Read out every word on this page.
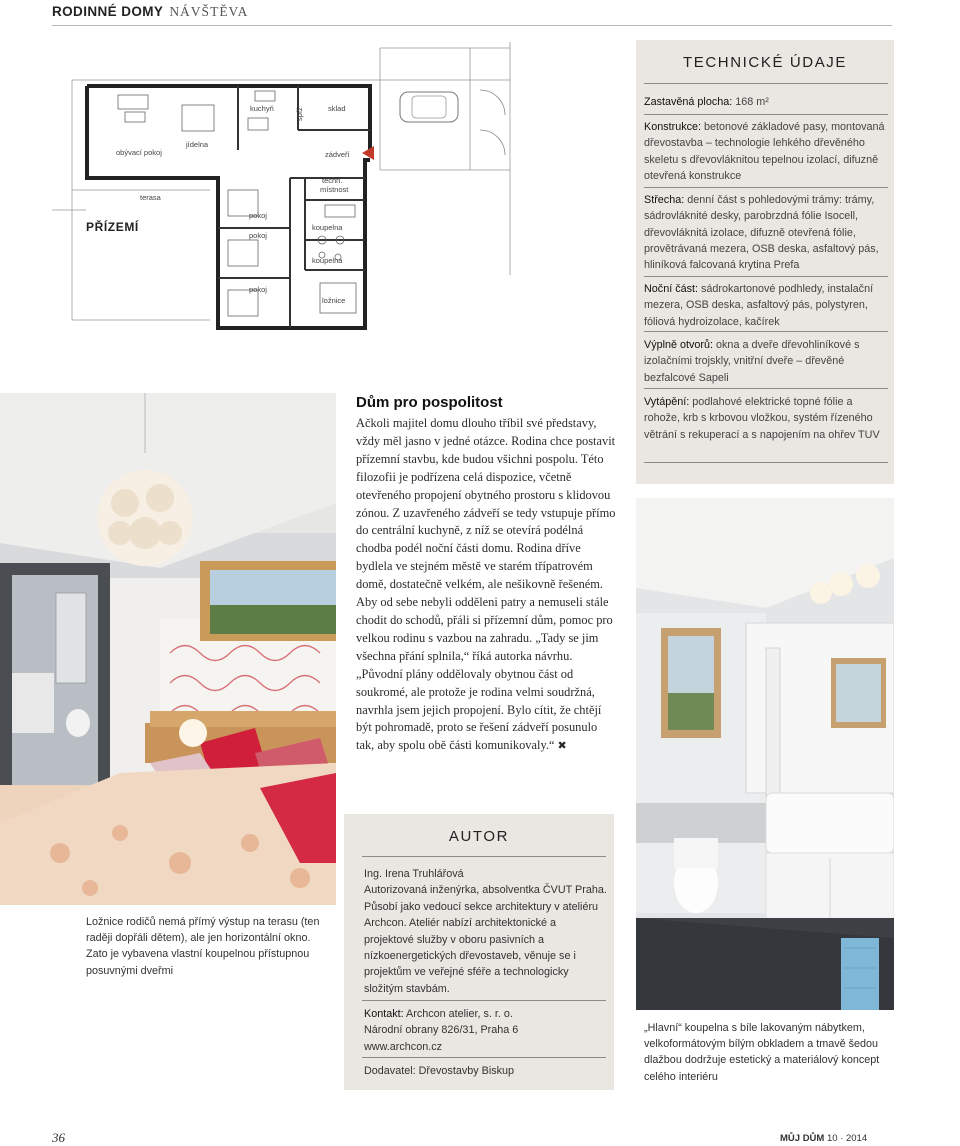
RODINNÉ DOMY NÁVŠTĚVA
kuchyň	sklad
obývací pokoj
jídelna
zádveří
techn.
místnost
terasa
pokoj
pokoj
pokoj
koupelna
koupelna
ložnice
spíž
PŘÍZEMÍ
TECHNICKÉ ÚDAJE
Zastavěná plocha: 168 m²
Konstrukce: betonové základové pasy, montovaná dřevostavba – technologie lehkého dřevěného skeletu s dřevovláknitou tepelnou izolací, difuzně otevřená konstrukce
Střecha: denní část s pohledovými trámy: trámy, sádrovláknité desky, parobrzdná fólie Isocell, dřevovláknitá izolace, difuzně otevřená fólie, provětrávaná mezera, OSB deska, asfaltový pás, hliníková falcovaná krytina Prefa
Noční část: sádrokartonové podhledy, instalační mezera, OSB deska, asfaltový pás, polystyren, fóliová hydroizolace, kačírek
Výplně otvorů: okna a dveře dřevohliníkové s izolačními trojskly, vnitřní dveře – dřevěné bezfalcové Sapeli
Vytápění: podlahové elektrické topné fólie a rohože, krb s krbovou vložkou, systém řízeného větrání s rekuperací a s napojením na ohřev TUV
Dům pro pospolitost

Ačkoli majitel domu dlouho tříbil své představy, vždy měl jasno v jedné otázce. Rodina chce postavit přízemní stavbu, kde budou všichni pospolu. Této filozofii je podřízena celá dispozice, včetně otevřeného propojení obytného prostoru s klidovou zónou. Z uzavřeného zádveří se tedy vstupuje přímo do centrální kuchyně, z níž se otevírá podélná chodba podél noční části domu. Rodina dříve bydlela ve stejném městě ve starém třípatrovém domě, dostatečně velkém, ale nešikovně řešeném. Aby od sebe nebyli odděleni patry a nemuseli stále chodit do schodů, přáli si přízemní dům, pomoc pro velkou rodinu s vazbou na zahradu. „Tady se jim všechna přání splnila,“ říká autorka návrhu. „Původní plány oddělovaly obytnou část od soukromé, ale protože je rodina velmi soudržná, navrhla jsem jejich propojení. Bylo cítit, že chtějí být pohromadě, proto se řešení zádveří posunulo tak, aby spolu obě části komunikovaly.“ ✖

Ložnice rodičů nemá přímý výstup na terasu (ten raději dopřáli dětem), ale jen horizontální okno. Zato je vybavena vlastní koupelnou přístupnou posuvnými dveřmi
„Hlavní“ koupelna s bíle lakovaným nábytkem, velkoformátovým bílým obkladem a tmavě šedou dlažbou dodržuje estetický a materiálový koncept celého interiéru
AUTOR
Ing. Irena Truhlářová
Autorizovaná inženýrka, absolventka ČVUT Praha. Působí jako vedoucí sekce architektury v ateliéru Archcon. Ateliér nabízí architektonické a projektové služby v oboru pasivních a nízkoenergetických dřevostaveb, věnuje se i projektům ve veřejné sféře a technologicky složitým stavbám.
Kontakt: Archcon atelier, s. r. o.
Národní obrany 826/31, Praha 6
www.archcon.cz
Dodavatel: Dřevostavby Biskup
36	MŮJ DŮM 10 · 2014
